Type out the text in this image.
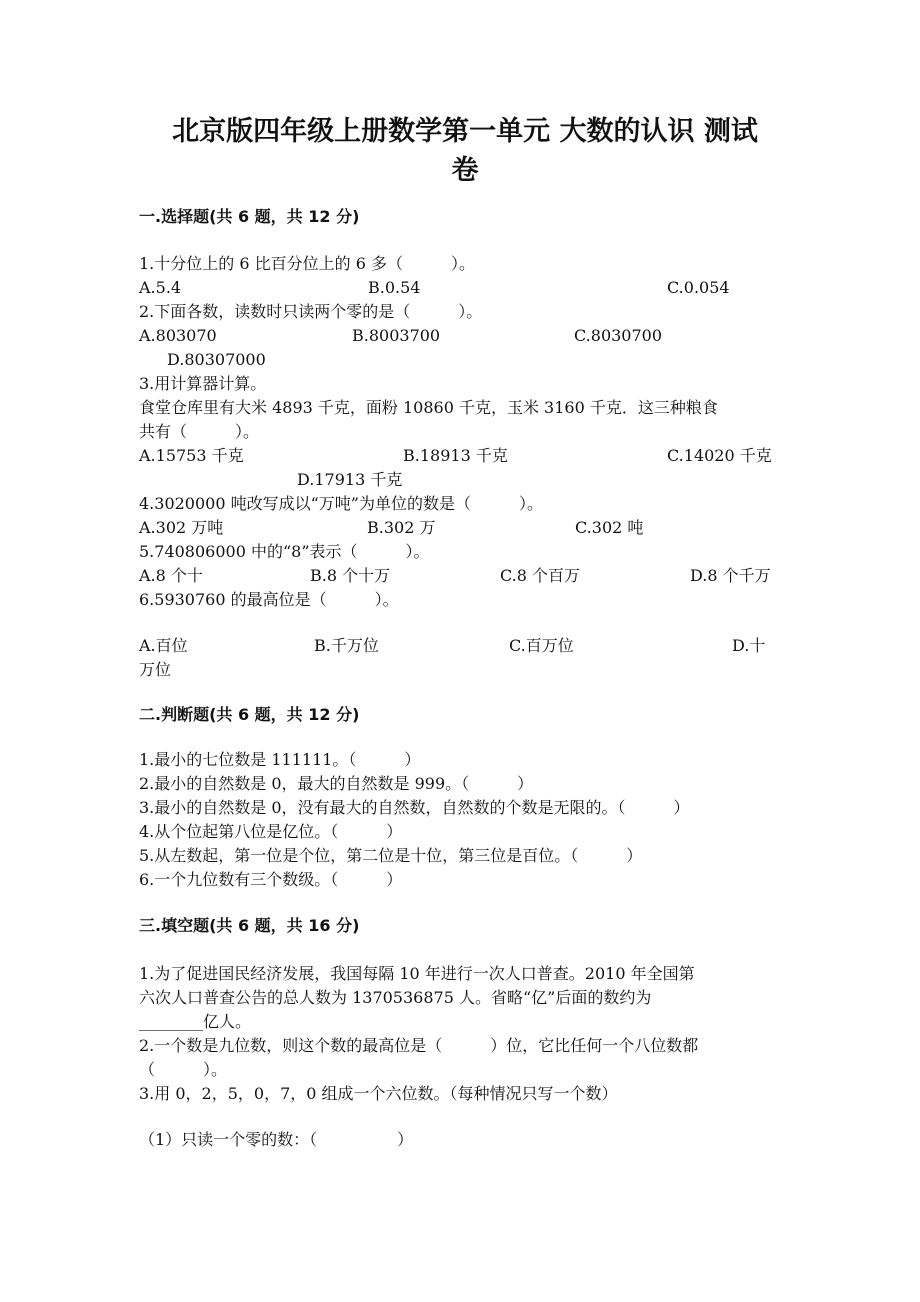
北京版四年级上册数学第一单元 大数的认识 测试
卷

一.选择题(共 6 题，共 12 分)

1.十分位上的 6 比百分位上的 6 多（　　　）。

A.5.4	B.0.54	C.0.054

2.下面各数，读数时只读两个零的是（　　　）。

A.803070	B.8003700	C.8030700
D.80307000

3.用计算器计算。

食堂仓库里有大米 4893 千克，面粉 10860 千克，玉米 3160 千克．这三种粮食

共有（　　　）。

A.15753 千克	B.18913 千克	C.14020 千克
D.17913 千克

4.3020000 吨改写成以“万吨”为单位的数是（　　　）。

A.302 万吨	B.302 万	C.302 吨

5.740806000 中的“8”表示（　　　）。

A.8 个十	B.8 个十万	C.8 个百万	D.8 个千万

6.5930760 的最高位是（　　　）。

A.百位	B.千万位	C.百万位	D.十
万位

二.判断题(共 6 题，共 12 分)

1.最小的七位数是 111111。（　　　）

2.最小的自然数是 0，最大的自然数是 999。（　　　）

3.最小的自然数是 0，没有最大的自然数，自然数的个数是无限的。（　　　）

4.从个位起第八位是亿位。（　　　）

5.从左数起，第一位是个位，第二位是十位，第三位是百位。（　　　）

6.一个九位数有三个数级。（　　　）

三.填空题(共 6 题，共 16 分)

1.为了促进国民经济发展，我国每隔 10 年进行一次人口普查。2010 年全国第

六次人口普查公告的总人数为 1370536875 人。省略“亿”后面的数约为

________亿人。

2.一个数是九位数，则这个数的最高位是（　　　）位，它比任何一个八位数都

（　　　）。

3.用 0，2，5，0，7，0 组成一个六位数。（每种情况只写一个数）

（1）只读一个零的数：（　　　　　）
